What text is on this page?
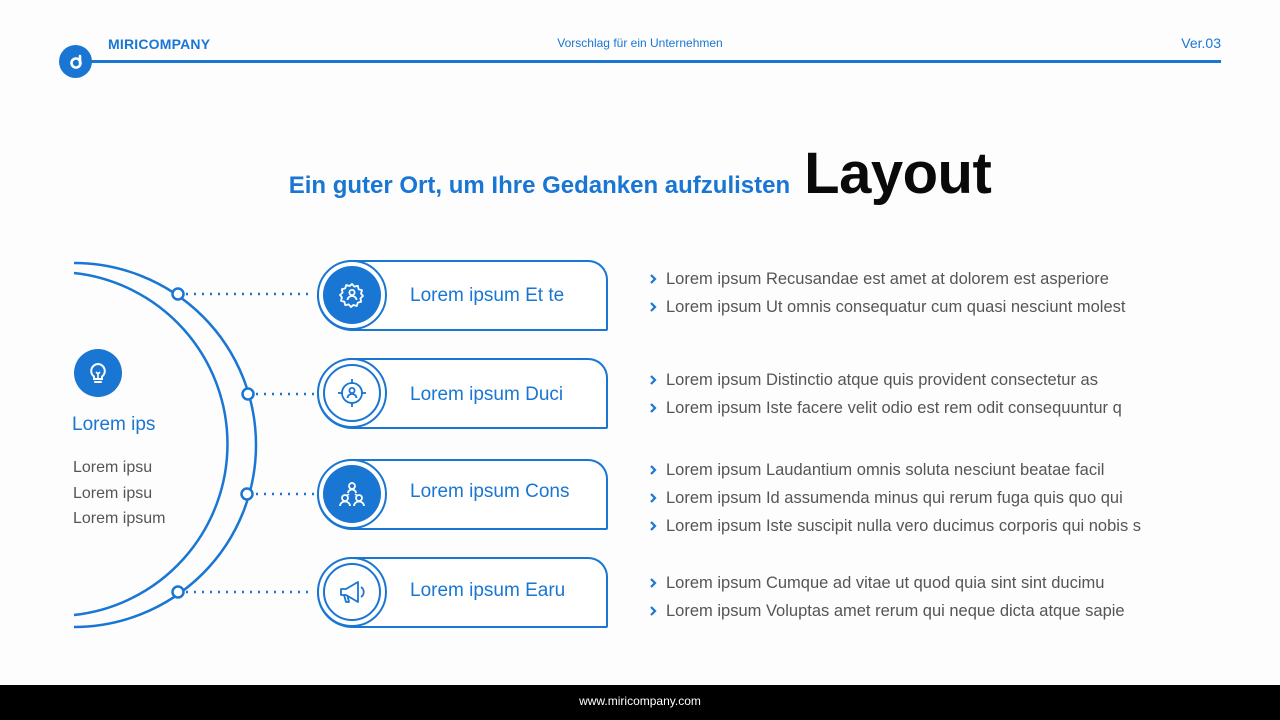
MIRICOMPANY	Vorschlag für ein Unternehmen	Ver.03
Ein guter Ort, um Ihre Gedanken aufzulisten Layout
Lorem ips
Lorem ipsu
Lorem ipsu
Lorem ipsum
Lorem ipsum Et te
Lorem ipsum Duci
Lorem ipsum Cons
Lorem ipsum Earu
Lorem ipsum Recusandae est amet at dolorem est asperiore
Lorem ipsum Ut omnis consequatur cum quasi nesciunt molest
Lorem ipsum Distinctio atque quis provident consectetur as
Lorem ipsum Iste facere velit odio est rem odit consequuntur q
Lorem ipsum Laudantium omnis soluta nesciunt beatae facil
Lorem ipsum Id assumenda minus qui rerum fuga quis quo qui
Lorem ipsum Iste suscipit nulla vero ducimus corporis qui nobis s
Lorem ipsum Cumque ad vitae ut quod quia sint sint ducimu
Lorem ipsum Voluptas amet rerum qui neque dicta atque sapie
www.miricompany.com
